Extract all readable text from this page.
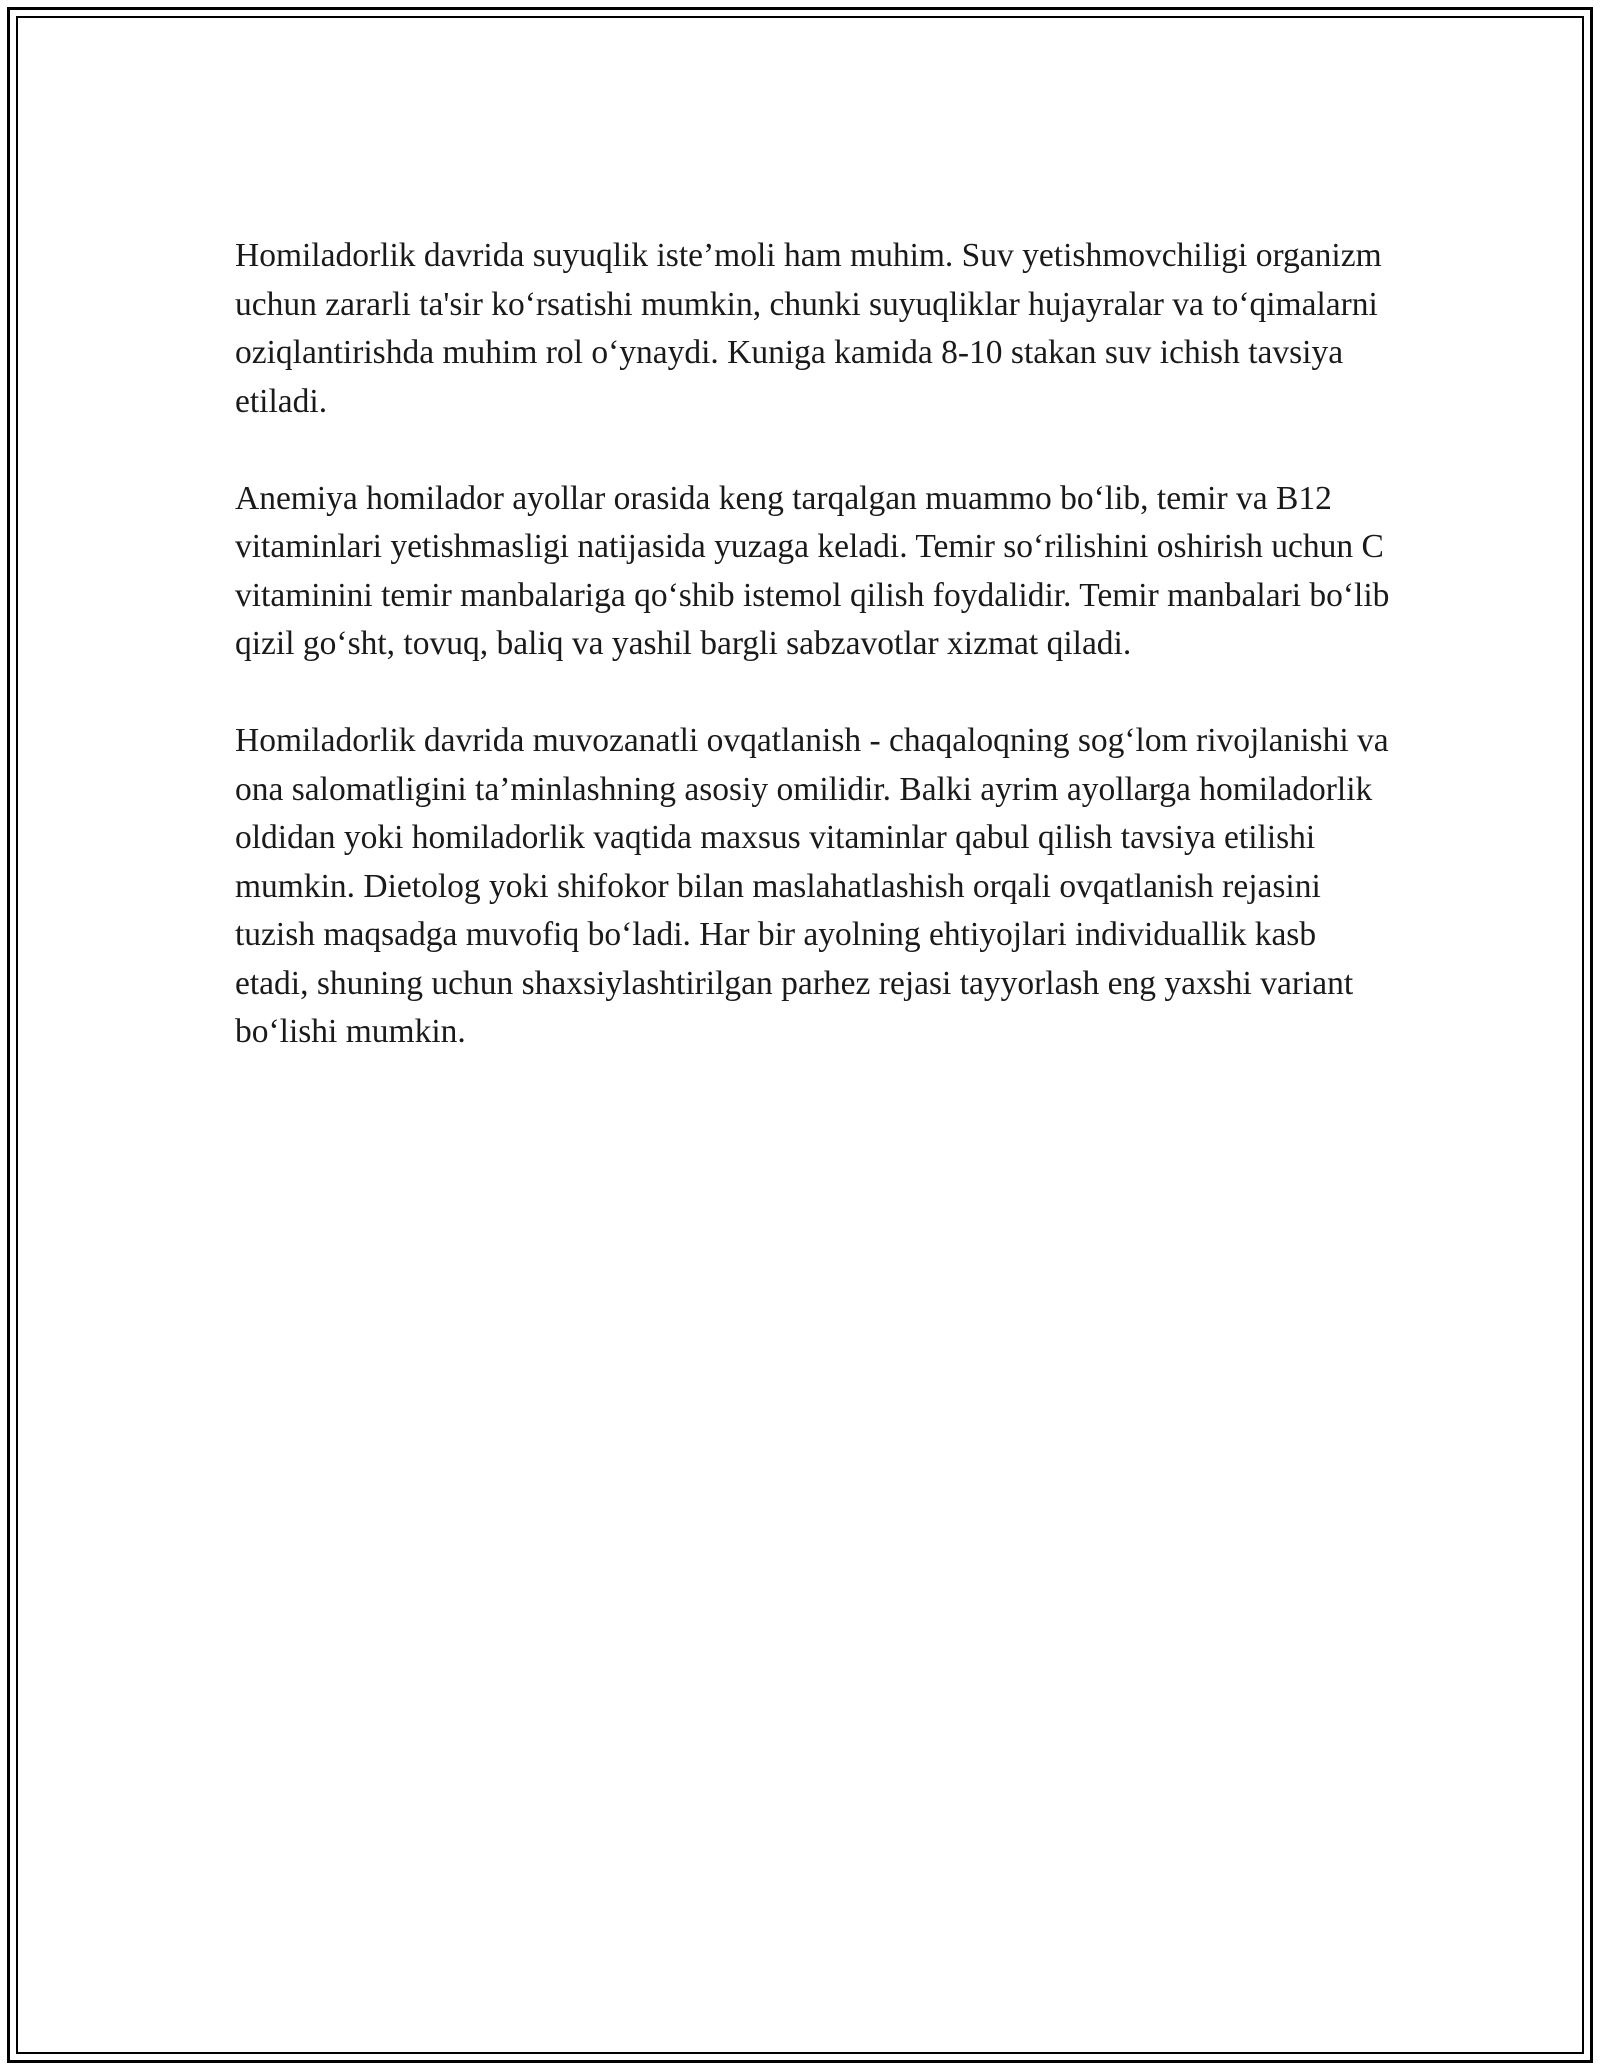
Homiladorlik davrida suyuqlik iste’moli ham muhim. Suv yetishmovchiligi organizm uchun zararli ta'sir ko‘rsatishi mumkin, chunki suyuqliklar hujayralar va to‘qimalarni oziqlantirishda muhim rol o‘ynaydi. Kuniga kamida 8-10 stakan suv ichish tavsiya etiladi.

Anemiya homilador ayollar orasida keng tarqalgan muammo bo‘lib, temir va B12 vitaminlari yetishmasligi natijasida yuzaga keladi. Temir so‘rilishini oshirish uchun C vitaminini temir manbalariga qo‘shib istemol qilish foydalidir. Temir manbalari bo‘lib qizil go‘sht, tovuq, baliq va yashil bargli sabzavotlar xizmat qiladi.

Homiladorlik davrida muvozanatli ovqatlanish - chaqaloqning sog‘lom rivojlanishi va ona salomatligini ta’minlashning asosiy omilidir. Balki ayrim ayollarga homiladorlik oldidan yoki homiladorlik vaqtida maxsus vitaminlar qabul qilish tavsiya etilishi mumkin. Dietolog yoki shifokor bilan maslahatlashish orqali ovqatlanish rejasini tuzish maqsadga muvofiq bo‘ladi. Har bir ayolning ehtiyojlari individuallik kasb etadi, shuning uchun shaxsiylashtirilgan parhez rejasi tayyorlash eng yaxshi variant bo‘lishi mumkin.
